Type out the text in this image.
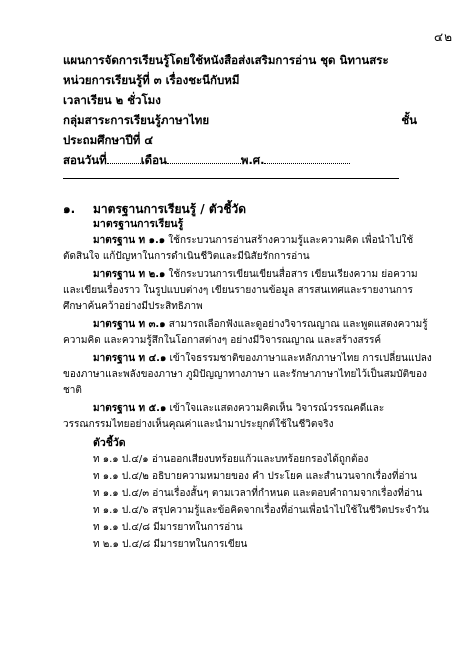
๔๒
แผนการจัดการเรียนรู้โดยใช้หนังสือส่งเสริมการอ่าน ชุด นิทานสระ
หน่วยการเรียนรู้ที่ ๓ เรื่องชะนีกับหมี
เวลาเรียน ๒ ชั่วโมง
กลุ่มสาระการเรียนรู้ภาษาไทย	ชั้น
ประถมศึกษาปีที่ ๔
สอนวันที่	เดือน	พ.ศ.
๑.	มาตรฐานการเรียนรู้ / ตัวชี้วัด
มาตรฐานการเรียนรู้
มาตรฐาน ท ๑.๑ ใช้กระบวนการอ่านสร้างความรู้และความคิด เพื่อนำไปใช้ตัดสินใจ แก้ปัญหาในการดำเนินชีวิตและมีนิสัยรักการอ่าน
มาตรฐาน ท ๒.๑ ใช้กระบวนการเขียนเขียนสื่อสาร เขียนเรียงความ ย่อความ และเขียนเรื่องราว ในรูปแบบต่างๆ เขียนรายงานข้อมูล สารสนเทศและรายงานการศึกษาค้นคว้าอย่างมีประสิทธิภาพ
มาตรฐาน ท ๓.๑ สามารถเลือกฟังและดูอย่างวิจารณญาณ และพูดแสดงความรู้ ความคิด และความรู้สึกในโอกาสต่างๆ อย่างมีวิจารณญาณ และสร้างสรรค์
มาตรฐาน ท ๔.๑ เข้าใจธรรมชาติของภาษาและหลักภาษาไทย การเปลี่ยนแปลงของภาษาและพลังของภาษา ภูมิปัญญาทางภาษา และรักษาภาษาไทยไว้เป็นสมบัติของชาติ
มาตรฐาน ท ๕.๑ เข้าใจและแสดงความคิดเห็น วิจารณ์วรรณคดีและวรรณกรรมไทยอย่างเห็นคุณค่าและนำมาประยุกต์ใช้ในชีวิตจริง
ตัวชี้วัด
ท ๑.๑ ป.๔/๑ อ่านออกเสียงบทร้อยแก้วและบทร้อยกรองได้ถูกต้อง
ท ๑.๑ ป.๔/๒ อธิบายความหมายของ คำ ประโยค และสำนวนจากเรื่องที่อ่าน
ท ๑.๑ ป.๔/๓ อ่านเรื่องสั้นๆ ตามเวลาที่กำหนด และตอบคำถามจากเรื่องที่อ่าน
ท ๑.๑ ป.๔/๖ สรุปความรู้และข้อคิดจากเรื่องที่อ่านเพื่อนำไปใช้ในชีวิตประจำวัน
ท ๑.๑ ป.๔/๘ มีมารยาทในการอ่าน
ท ๒.๑ ป.๔/๘ มีมารยาทในการเขียน
